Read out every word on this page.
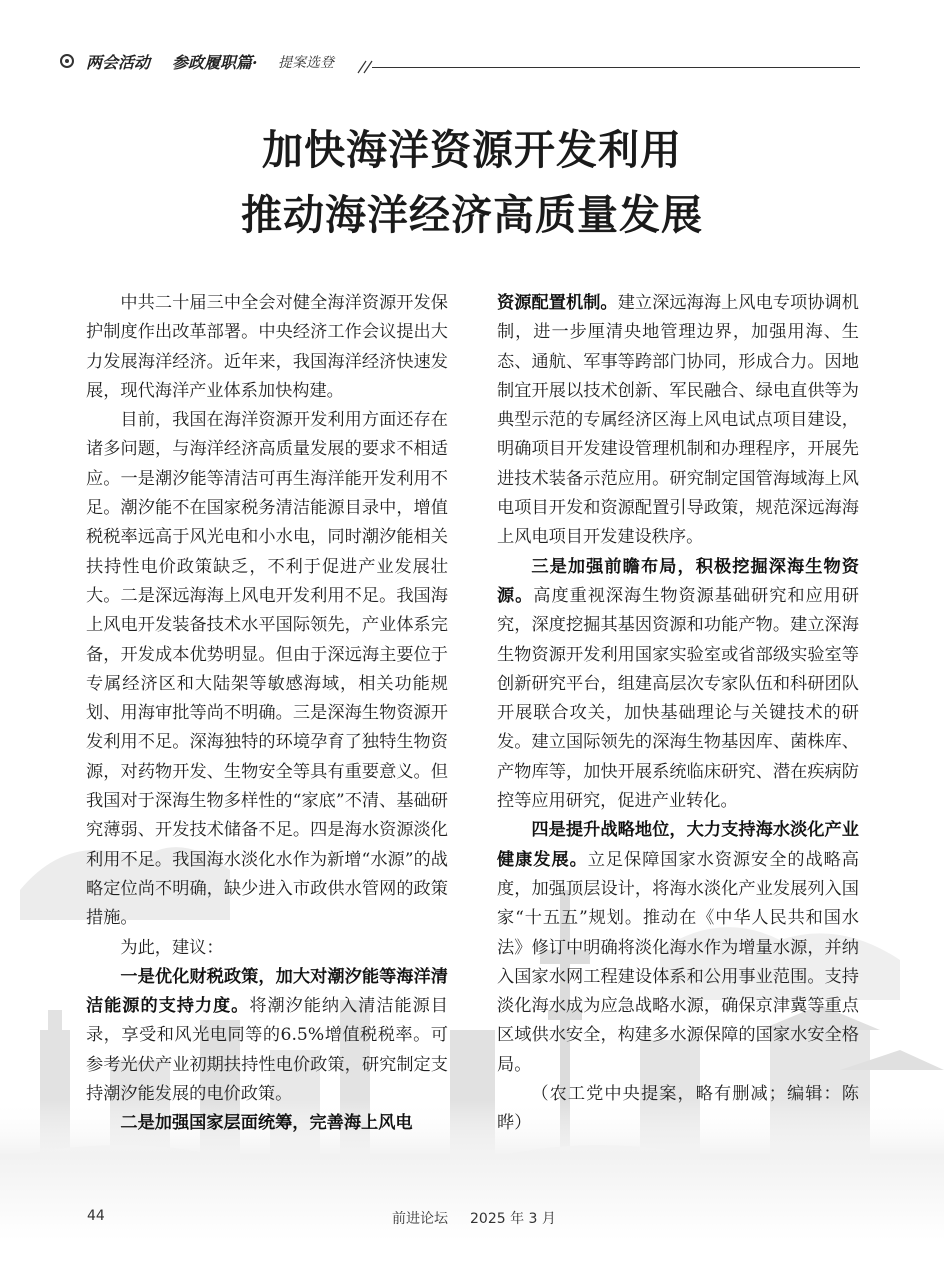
两会活动 参政履职篇· 提案选登
加快海洋资源开发利用
推动海洋经济高质量发展

中共二十届三中全会对健全海洋资源开发保护制度作出改革部署。中央经济工作会议提出大力发展海洋经济。近年来，我国海洋经济快速发展，现代海洋产业体系加快构建。

目前，我国在海洋资源开发利用方面还存在诸多问题，与海洋经济高质量发展的要求不相适应。一是潮汐能等清洁可再生海洋能开发利用不足。潮汐能不在国家税务清洁能源目录中，增值税税率远高于风光电和小水电，同时潮汐能相关扶持性电价政策缺乏，不利于促进产业发展壮大。二是深远海海上风电开发利用不足。我国海上风电开发装备技术水平国际领先，产业体系完备，开发成本优势明显。但由于深远海主要位于专属经济区和大陆架等敏感海域，相关功能规划、用海审批等尚不明确。三是深海生物资源开发利用不足。深海独特的环境孕育了独特生物资源，对药物开发、生物安全等具有重要意义。但我国对于深海生物多样性的“家底”不清、基础研究薄弱、开发技术储备不足。四是海水资源淡化利用不足。我国海水淡化水作为新增“水源”的战略定位尚不明确，缺少进入市政供水管网的政策措施。

为此，建议：

一是优化财税政策，加大对潮汐能等海洋清洁能源的支持力度。将潮汐能纳入清洁能源目录，享受和风光电同等的6.5%增值税税率。可参考光伏产业初期扶持性电价政策，研究制定支持潮汐能发展的电价政策。

二是加强国家层面统筹，完善海上风电

资源配置机制。建立深远海海上风电专项协调机制，进一步厘清央地管理边界，加强用海、生态、通航、军事等跨部门协同，形成合力。因地制宜开展以技术创新、军民融合、绿电直供等为典型示范的专属经济区海上风电试点项目建设，明确项目开发建设管理机制和办理程序，开展先进技术装备示范应用。研究制定国管海域海上风电项目开发和资源配置引导政策，规范深远海海上风电项目开发建设秩序。

三是加强前瞻布局，积极挖掘深海生物资源。高度重视深海生物资源基础研究和应用研究，深度挖掘其基因资源和功能产物。建立深海生物资源开发利用国家实验室或省部级实验室等创新研究平台，组建高层次专家队伍和科研团队开展联合攻关，加快基础理论与关键技术的研发。建立国际领先的深海生物基因库、菌株库、产物库等，加快开展系统临床研究、潜在疾病防控等应用研究，促进产业转化。

四是提升战略地位，大力支持海水淡化产业健康发展。立足保障国家水资源安全的战略高度，加强顶层设计，将海水淡化产业发展列入国家“十五五”规划。推动在《中华人民共和国水法》修订中明确将淡化海水作为增量水源，并纳入国家水网工程建设体系和公用事业范围。支持淡化海水成为应急战略水源，确保京津冀等重点区域供水安全，构建多水源保障的国家水安全格局。

（农工党中央提案，略有删减；编辑：陈晔）

44	前进论坛 2025 年 3 月
